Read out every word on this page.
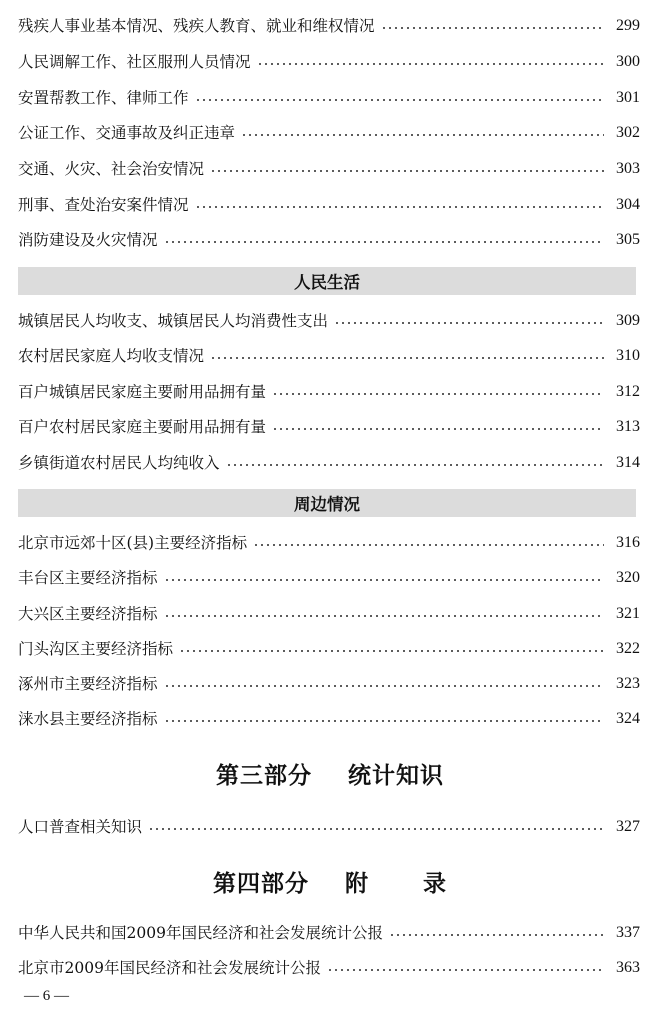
残疾人事业基本情况、残疾人教育、就业和维权情况	299
人民调解工作、社区服刑人员情况	300
安置帮教工作、律师工作	301
公证工作、交通事故及纠正违章	302
交通、火灾、社会治安情况	303
刑事、查处治安案件情况	304
消防建设及火灾情况	305
人民生活
城镇居民人均收支、城镇居民人均消费性支出	309
农村居民家庭人均收支情况	310
百户城镇居民家庭主要耐用品拥有量	312
百户农村居民家庭主要耐用品拥有量	313
乡镇街道农村居民人均纯收入	314
周边情况
北京市远郊十区(县)主要经济指标	316
丰台区主要经济指标	320
大兴区主要经济指标	321
门头沟区主要经济指标	322
涿州市主要经济指标	323
涞水县主要经济指标	324
第三部分    统计知识
人口普查相关知识	327
第四部分    附      录
中华人民共和国2009年国民经济和社会发展统计公报	337
北京市2009年国民经济和社会发展统计公报	363
— 6 —
